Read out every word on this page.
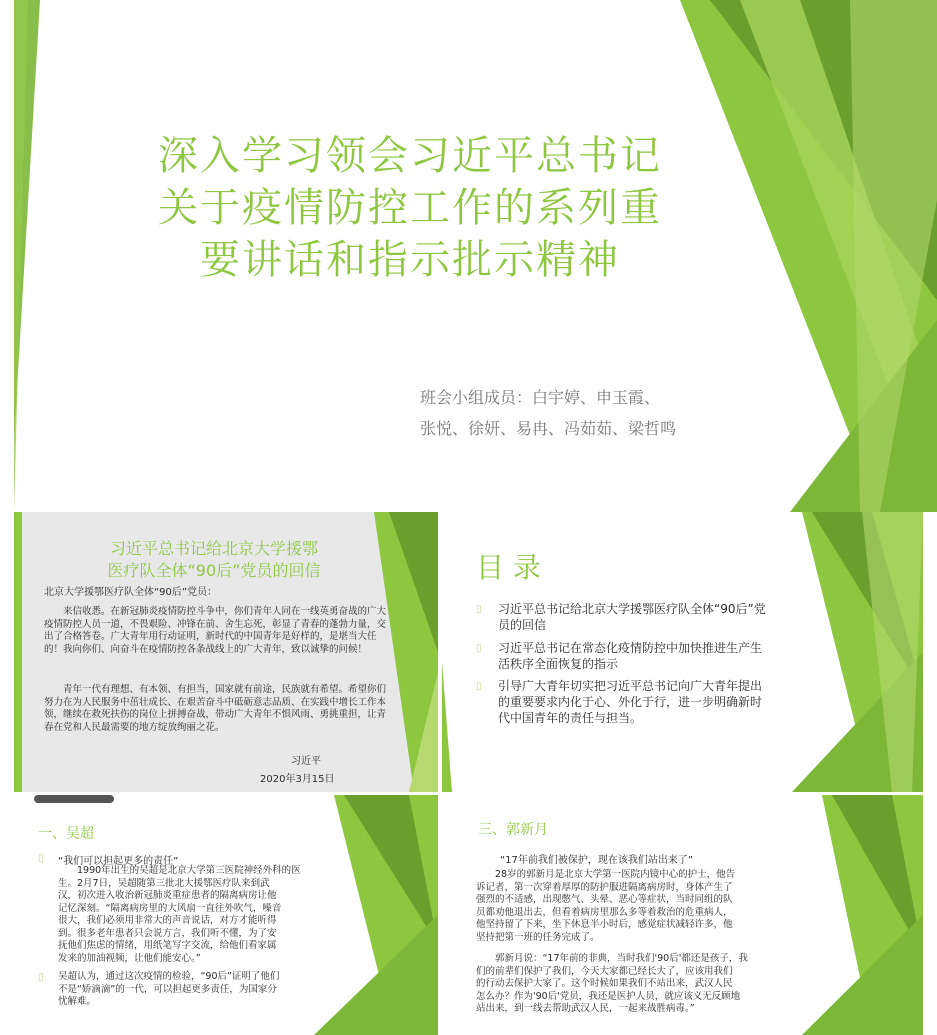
深入学习领会习近平总书记
关于疫情防控工作的系列重
要讲话和指示批示精神
班会小组成员：白宇婷、申玉霞、
张悦、徐妍、易冉、冯茹茹、梁哲鸣
习近平总书记给北京大学援鄂
医疗队全体“90后”党员的回信
北京大学援鄂医疗队全体“90后”党员：
来信收悉。在新冠肺炎疫情防控斗争中，你们青年人同在一线英勇奋战的广大疫情防控人员一道，不畏艰险、冲锋在前、舍生忘死，彰显了青春的蓬勃力量，交出了合格答卷。广大青年用行动证明，新时代的中国青年是好样的，是堪当大任的！我向你们、向奋斗在疫情防控各条战线上的广大青年，致以诚挚的问候！
青年一代有理想、有本领、有担当，国家就有前途，民族就有希望。希望你们努力在为人民服务中茁壮成长、在艰苦奋斗中砥砺意志品质、在实践中增长工作本领，继续在救死扶伤的岗位上拼搏奋战，带动广大青年不惧风雨、勇挑重担，让青春在党和人民最需要的地方绽放绚丽之花。
习近平
2020年3月15日
目 录
▯ 习近平总书记给北京大学援鄂医疗队全体“90后”党
员的回信
▯ 习近平总书记在常态化疫情防控中加快推进生产生
活秩序全面恢复的指示
▯ 引导广大青年切实把习近平总书记向广大青年提出
的重要要求内化于心、外化于行，进一步明确新时
代中国青年的责任与担当。
一、吴超
▯ “我们可以担起更多的责任”
1990年出生的吴超是北京大学第三医院神经外科的医
生。2月7日，吴超随第三批北大援鄂医疗队来到武
汉，初次进入收治新冠肺炎重症患者的隔离病房让他
记忆深刻。“隔离病房里的大风扇一直往外吹气，噪音
很大，我们必须用非常大的声音说话，对方才能听得
到。很多老年患者只会说方言，我们听不懂，为了安
抚他们焦虑的情绪，用纸笔写字交流，给他们看家属
发来的加油视频，让他们能安心。”
▯ 吴超认为，通过这次疫情的检验，“90后”证明了他们
不是“娇滴滴”的一代，可以担起更多责任，为国家分
忧解难。
三、郭新月
“17年前我们被保护，现在该我们站出来了”
28岁的郭新月是北京大学第一医院内镜中心的护士，他告
诉记者，第一次穿着厚厚的防护服进隔离病房时，身体产生了
强烈的不适感，出现憋气、头晕、恶心等症状，当时同组的队
员都劝他退出去，但看着病房里那么多等着救治的危重病人，
他坚持留了下来，坐下休息半小时后，感觉症状减轻许多，他
坚持把第一班的任务完成了。
郭新月说：“17年前的非典，当时我们'90后'都还是孩子，我
们的前辈们保护了我们，今天大家都已经长大了，应该用我们
的行动去保护大家了。这个时候如果我们不站出来，武汉人民
怎么办？作为'90后'党员，我还是医护人员，就应该义无反顾地
站出来，到一线去帮助武汉人民，一起来战胜病毒。”
